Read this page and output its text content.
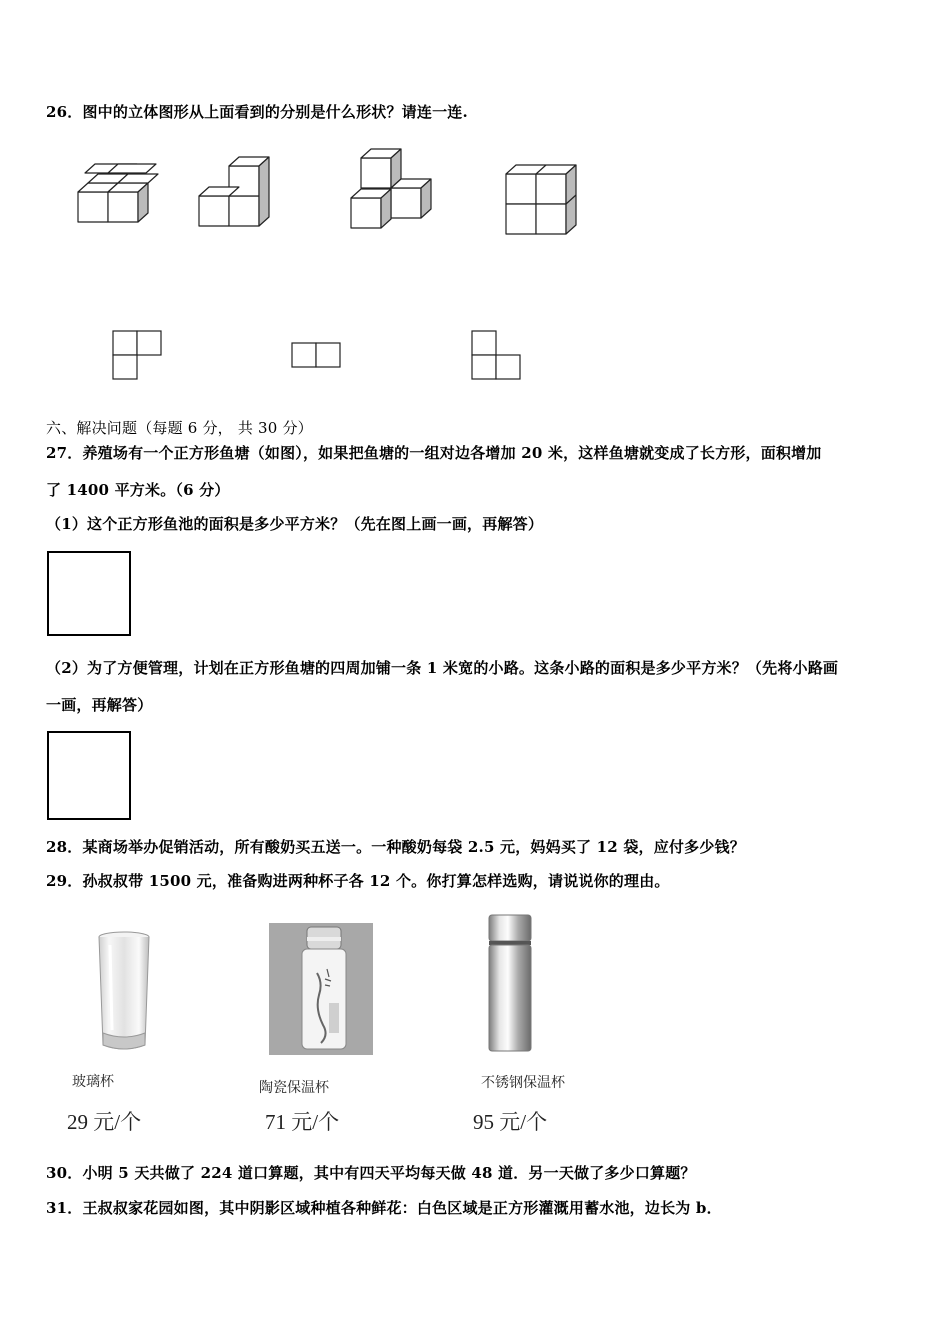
26．图中的立体图形从上面看到的分别是什么形状？请连一连.
六、解决问题（每题 6 分， 共 30 分）
27．养殖场有一个正方形鱼塘（如图），如果把鱼塘的一组对边各增加 20 米，这样鱼塘就变成了长方形，面积增加
了 1400 平方米。（6 分）
（1）这个正方形鱼池的面积是多少平方米？（先在图上画一画，再解答）
（2）为了方便管理，计划在正方形鱼塘的四周加铺一条 1 米宽的小路。这条小路的面积是多少平方米？（先将小路画
一画，再解答）
28．某商场举办促销活动，所有酸奶买五送一。一种酸奶每袋 2.5 元，妈妈买了 12 袋，应付多少钱？
29．孙叔叔带 1500 元，准备购进两种杯子各 12 个。你打算怎样选购，请说说你的理由。
玻璃杯	陶瓷保温杯	不锈钢保温杯
29 元/个	71 元/个	95 元/个
30．小明 5 天共做了 224 道口算题，其中有四天平均每天做 48 道．另一天做了多少口算题？
31．王叔叔家花园如图，其中阴影区域种植各种鲜花：白色区域是正方形灌溉用蓄水池，边长为 b．
